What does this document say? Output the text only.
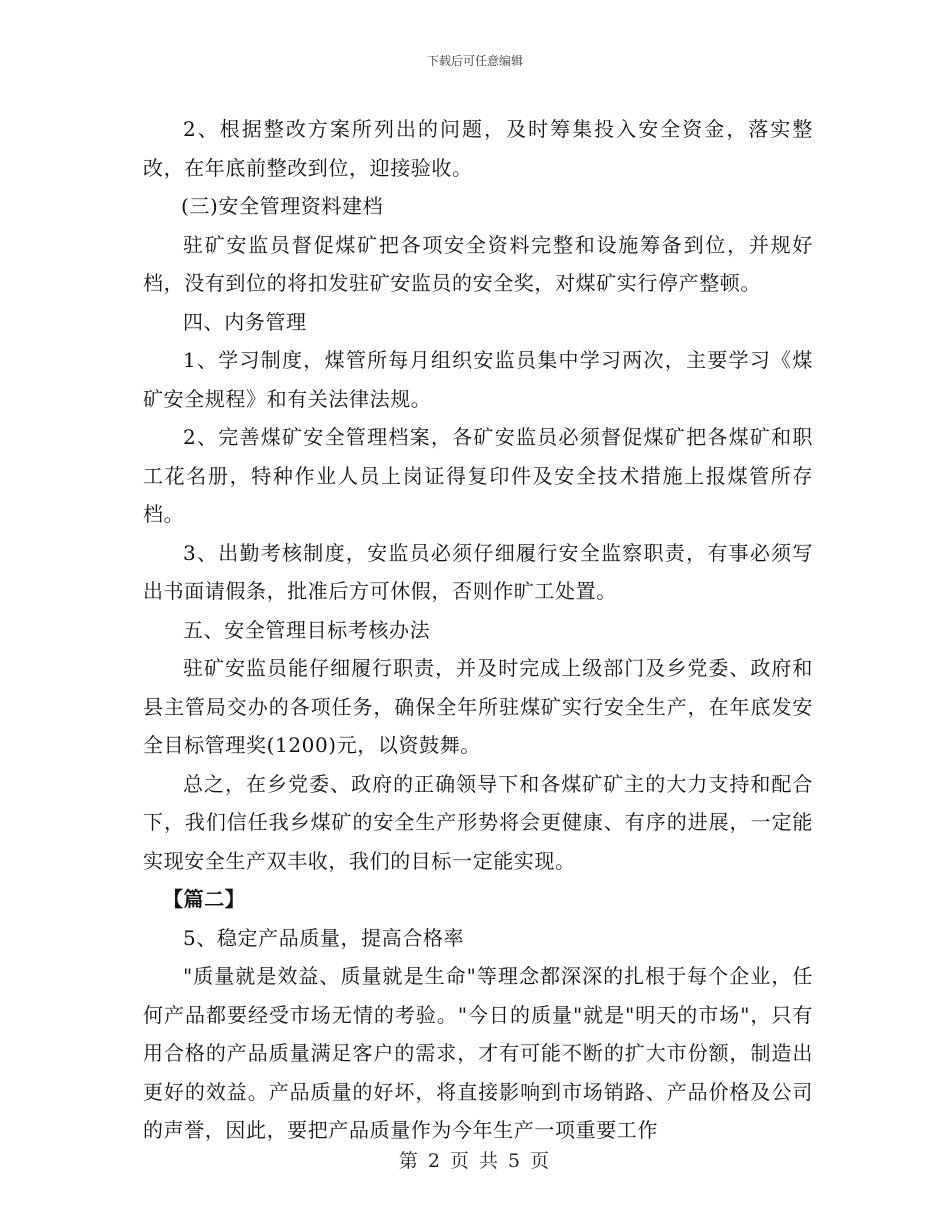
下载后可任意编辑

2、根据整改方案所列出的问题，及时筹集投入安全资金，落实整改，在年底前整改到位，迎接验收。

(三)安全管理资料建档

驻矿安监员督促煤矿把各项安全资料完整和设施筹备到位，并规好档，没有到位的将扣发驻矿安监员的安全奖，对煤矿实行停产整顿。

四、内务管理

1、学习制度，煤管所每月组织安监员集中学习两次，主要学习《煤矿安全规程》和有关法律法规。

2、完善煤矿安全管理档案，各矿安监员必须督促煤矿把各煤矿和职工花名册，特种作业人员上岗证得复印件及安全技术措施上报煤管所存档。

3、出勤考核制度，安监员必须仔细履行安全监察职责，有事必须写出书面请假条，批准后方可休假，否则作旷工处置。

五、安全管理目标考核办法

驻矿安监员能仔细履行职责，并及时完成上级部门及乡党委、政府和县主管局交办的各项任务，确保全年所驻煤矿实行安全生产，在年底发安全目标管理奖(1200)元，以资鼓舞。

总之，在乡党委、政府的正确领导下和各煤矿矿主的大力支持和配合下，我们信任我乡煤矿的安全生产形势将会更健康、有序的进展，一定能实现安全生产双丰收，我们的目标一定能实现。

【篇二】

5、稳定产品质量，提高合格率

"质量就是效益、质量就是生命"等理念都深深的扎根于每个企业，任何产品都要经受市场无情的考验。"今日的质量"就是"明天的市场"，只有用合格的产品质量满足客户的需求，才有可能不断的扩大市份额，制造出更好的效益。产品质量的好坏，将直接影响到市场销路、产品价格及公司的声誉，因此，要把产品质量作为今年生产一项重要工作

第 2 页 共 5 页
